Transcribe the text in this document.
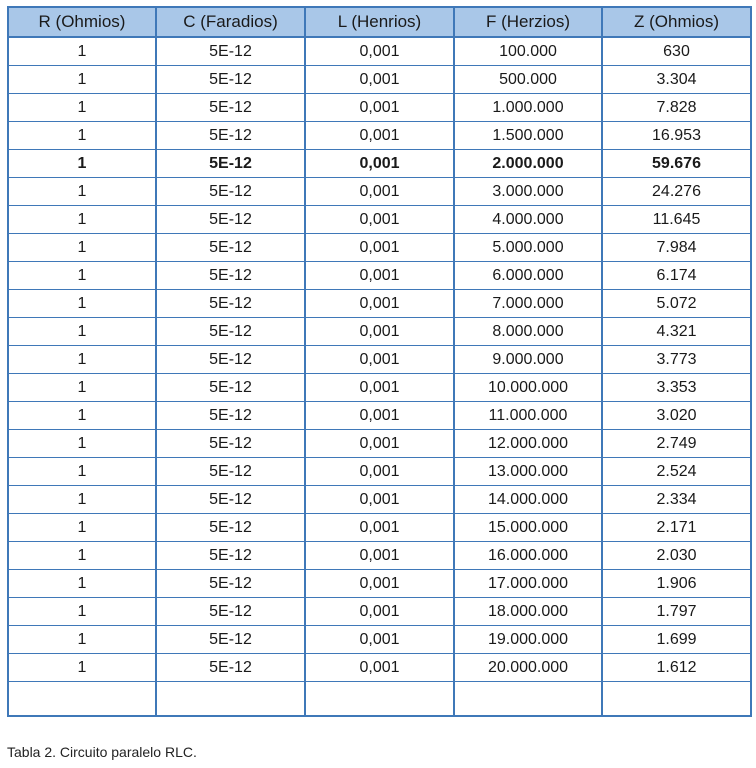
R (Ohmios)	C (Faradios)	L (Henrios)	F (Herzios)	Z (Ohmios)
1	5E-12	0,001	100.000	630
1	5E-12	0,001	500.000	3.304
1	5E-12	0,001	1.000.000	7.828
1	5E-12	0,001	1.500.000	16.953
1	5E-12	0,001	2.000.000	59.676
1	5E-12	0,001	3.000.000	24.276
1	5E-12	0,001	4.000.000	11.645
1	5E-12	0,001	5.000.000	7.984
1	5E-12	0,001	6.000.000	6.174
1	5E-12	0,001	7.000.000	5.072
1	5E-12	0,001	8.000.000	4.321
1	5E-12	0,001	9.000.000	3.773
1	5E-12	0,001	10.000.000	3.353
1	5E-12	0,001	11.000.000	3.020
1	5E-12	0,001	12.000.000	2.749
1	5E-12	0,001	13.000.000	2.524
1	5E-12	0,001	14.000.000	2.334
1	5E-12	0,001	15.000.000	2.171
1	5E-12	0,001	16.000.000	2.030
1	5E-12	0,001	17.000.000	1.906
1	5E-12	0,001	18.000.000	1.797
1	5E-12	0,001	19.000.000	1.699
1	5E-12	0,001	20.000.000	1.612

Tabla 2. Circuito paralelo RLC.
